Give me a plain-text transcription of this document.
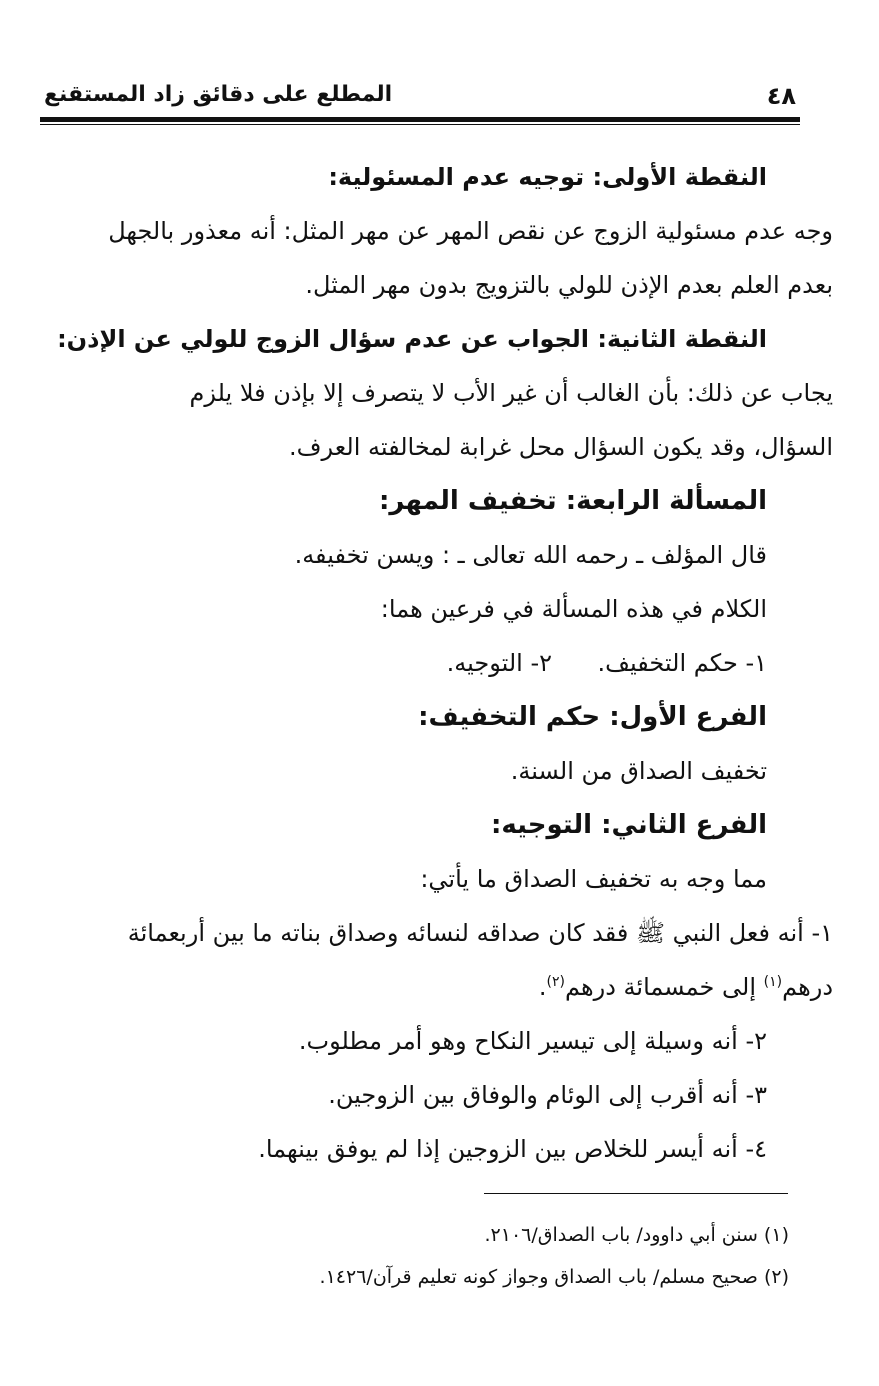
٤٨
المطلع على دقائق زاد المستقنع

النقطة الأولى: توجيه عدم المسئولية:

وجه عدم مسئولية الزوج عن نقص المهر عن مهر المثل: أنه معذور بالجهل

بعدم العلم بعدم الإذن للولي بالتزويج بدون مهر المثل.

النقطة الثانية: الجواب عن عدم سؤال الزوج للولي عن الإذن:

يجاب عن ذلك: بأن الغالب أن غير الأب لا يتصرف إلا بإذن فلا يلزم

السؤال، وقد يكون السؤال محل غرابة لمخالفته العرف.

المسألة الرابعة: تخفيف المهر:

قال المؤلف ـ رحمه الله تعالى ـ : ويسن تخفيفه.

الكلام في هذه المسألة في فرعين هما:

١- حكم التخفيف.
٢- التوجيه.

الفرع الأول: حكم التخفيف:

تخفيف الصداق من السنة.

الفرع الثاني: التوجيه:

مما وجه به تخفيف الصداق ما يأتي:

١- أنه فعل النبي ﷺ فقد كان صداقه لنسائه وصداق بناته ما بين أربعمائة

درهم$^{(١)}$ إلى خمسمائة درهم$^{(٢)}$.

٢- أنه وسيلة إلى تيسير النكاح وهو أمر مطلوب.

٣- أنه أقرب إلى الوئام والوفاق بين الزوجين.

٤- أنه أيسر للخلاص بين الزوجين إذا لم يوفق بينهما.

(١) سنن أبي داوود/ باب الصداق/٢١٠٦.

(٢) صحيح مسلم/ باب الصداق وجواز كونه تعليم قرآن/١٤٢٦.
